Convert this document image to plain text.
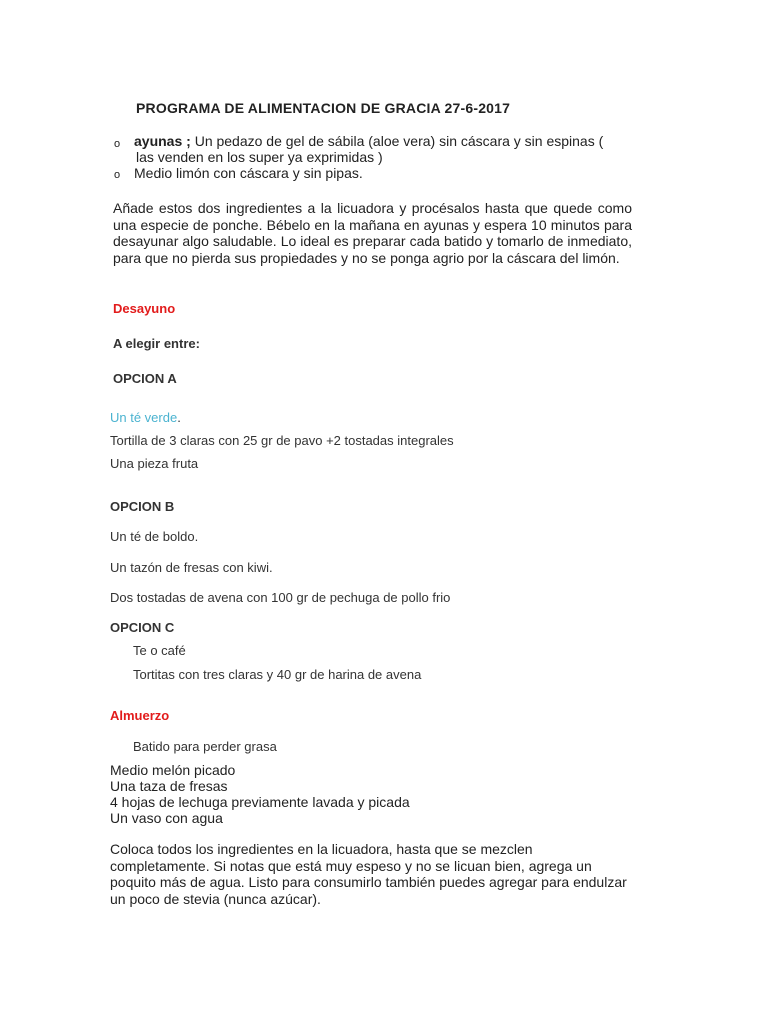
PROGRAMA DE ALIMENTACION DE GRACIA 27-6-2017
o ayunas ; Un pedazo de gel de sábila (aloe vera) sin cáscara y sin espinas (
las venden en los super ya exprimidas )
o Medio limón con cáscara y sin pipas.
Añade estos dos ingredientes a la licuadora y procésalos hasta que quede como una especie de ponche. Bébelo en la mañana en ayunas y espera 10 minutos para desayunar algo saludable. Lo ideal es preparar cada batido y tomarlo de inmediato, para que no pierda sus propiedades y no se ponga agrio por la cáscara del limón.
Desayuno
A elegir entre:
OPCION A
Un té verde.
Tortilla de 3 claras con 25 gr de pavo +2 tostadas integrales
Una pieza fruta
OPCION B
Un té de boldo.
Un tazón de fresas con kiwi.
Dos tostadas de avena con 100 gr de pechuga de pollo frio
OPCION C
Te o café
Tortitas con tres claras y 40 gr de harina de avena
Almuerzo
Batido para perder grasa
Medio melón picado
Una taza de fresas
4 hojas de lechuga previamente lavada y picada
Un vaso con agua
Coloca todos los ingredientes en la licuadora, hasta que se mezclen completamente. Si notas que está muy espeso y no se licuan bien, agrega un poquito más de agua. Listo para consumirlo también puedes agregar para endulzar un poco de stevia (nunca azúcar).
